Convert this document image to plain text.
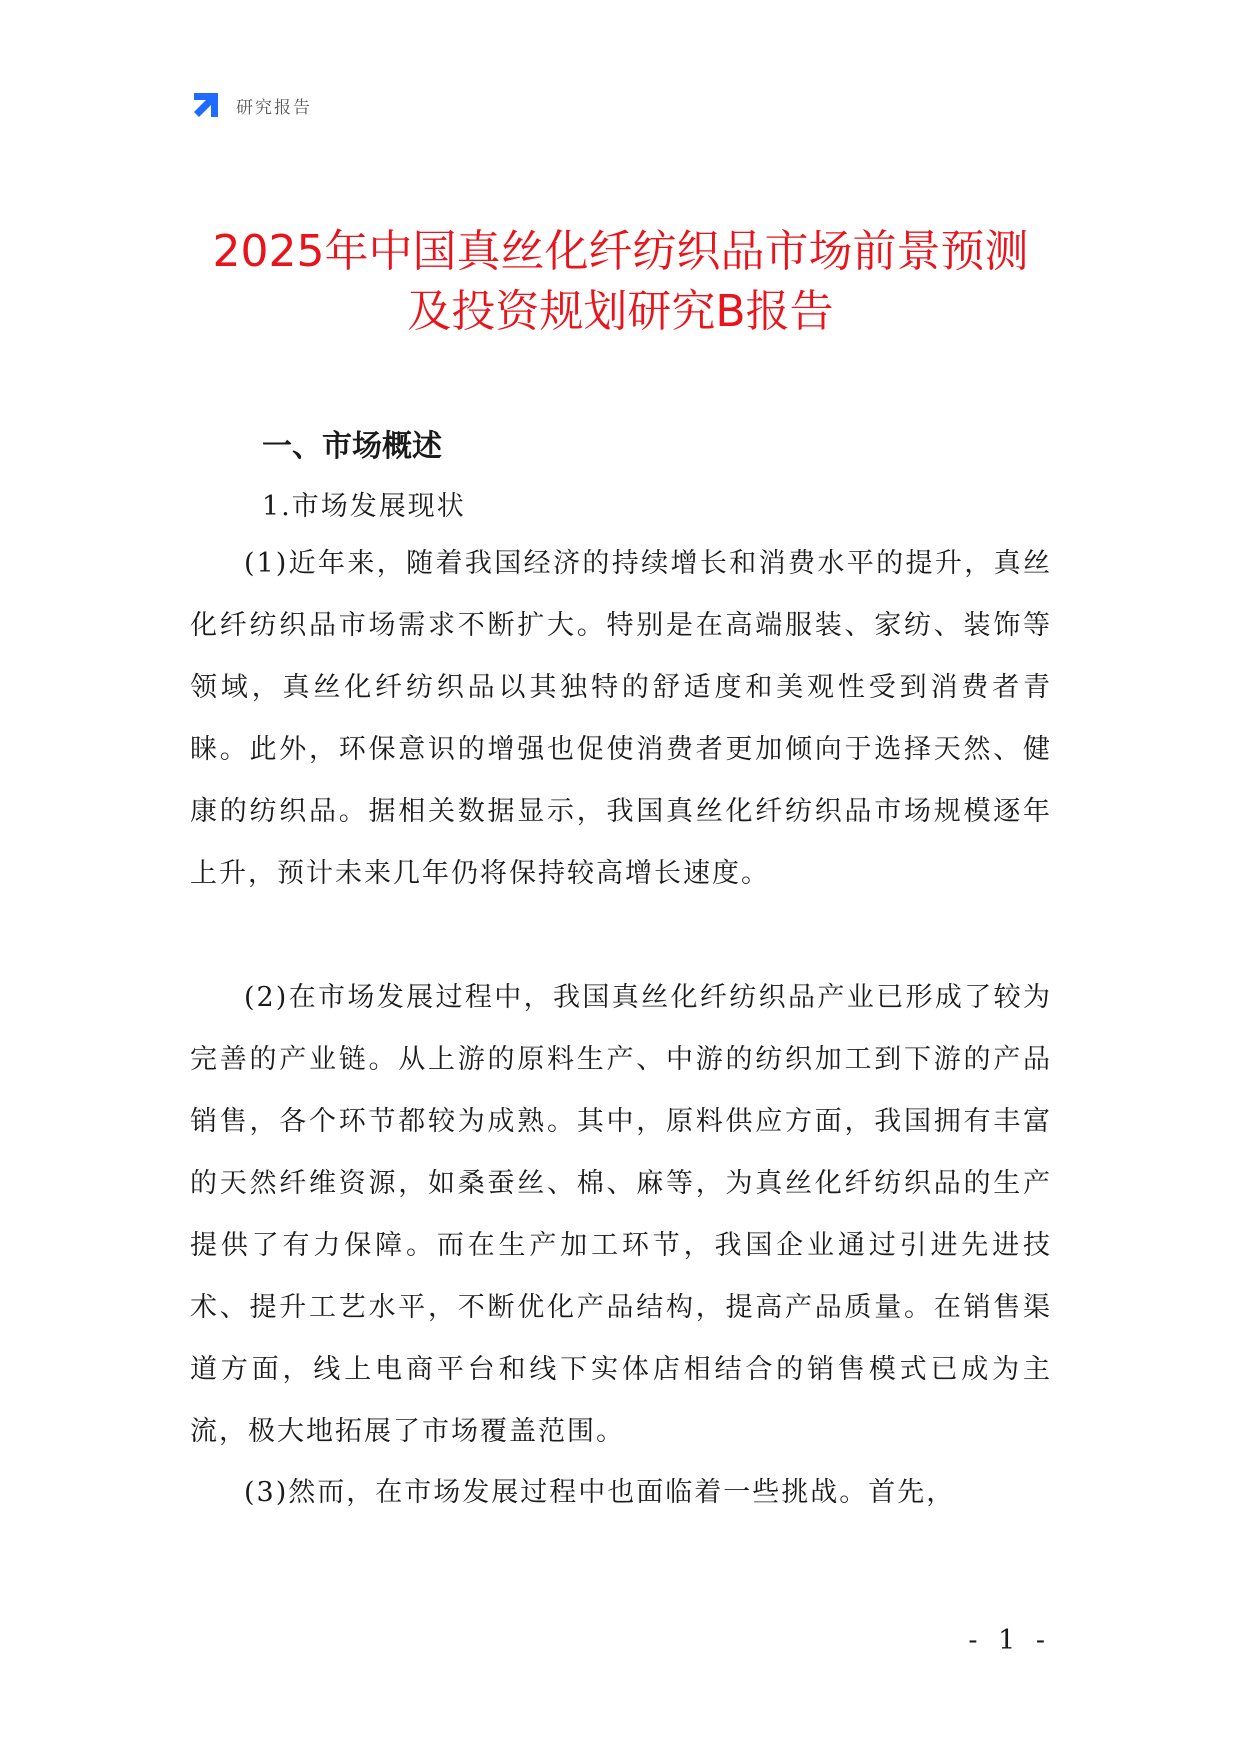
研究报告
2025年中国真丝化纤纺织品市场前景预测
及投资规划研究B报告
一、市场概述
1.市场发展现状

(1)近年来，随着我国经济的持续增长和消费水平的提升，真丝化纤纺织品市场需求不断扩大。特别是在高端服装、家纺、装饰等领域，真丝化纤纺织品以其独特的舒适度和美观性受到消费者青睐。此外，环保意识的增强也促使消费者更加倾向于选择天然、健康的纺织品。据相关数据显示，我国真丝化纤纺织品市场规模逐年上升，预计未来几年仍将保持较高增长速度。

(2)在市场发展过程中，我国真丝化纤纺织品产业已形成了较为完善的产业链。从上游的原料生产、中游的纺织加工到下游的产品销售，各个环节都较为成熟。其中，原料供应方面，我国拥有丰富的天然纤维资源，如桑蚕丝、棉、麻等，为真丝化纤纺织品的生产提供了有力保障。而在生产加工环节，我国企业通过引进先进技术、提升工艺水平，不断优化产品结构，提高产品质量。在销售渠道方面，线上电商平台和线下实体店相结合的销售模式已成为主流，极大地拓展了市场覆盖范围。

(3)然而，在市场发展过程中也面临着一些挑战。首先，

- 1 -
